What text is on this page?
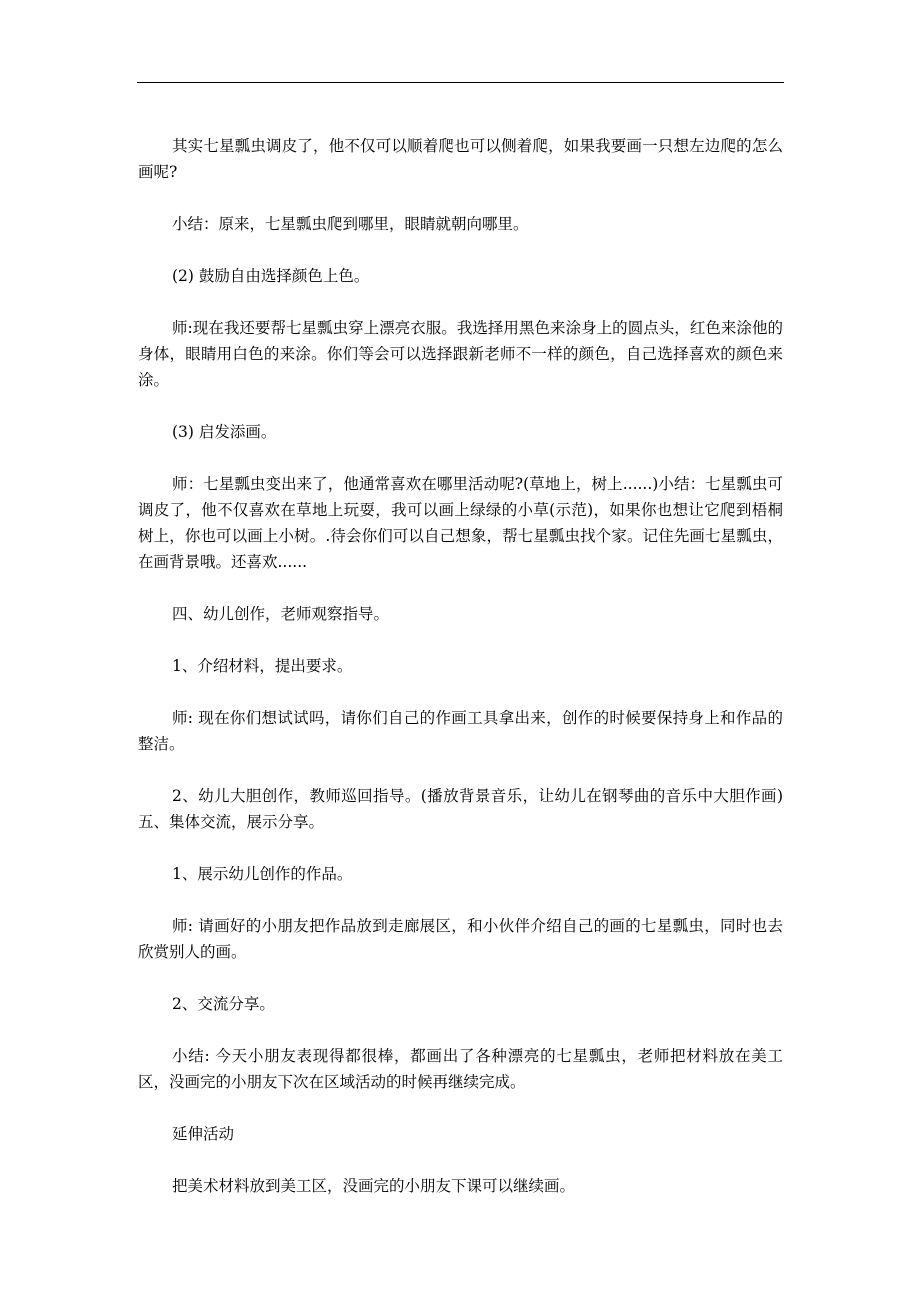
其实七星瓢虫调皮了，他不仅可以顺着爬也可以侧着爬，如果我要画一只想左边爬的怎么画呢?

小结：原来，七星瓢虫爬到哪里，眼睛就朝向哪里。

(2) 鼓励自由选择颜色上色。

师:现在我还要帮七星瓢虫穿上漂亮衣服。我选择用黑色来涂身上的圆点头，红色来涂他的身体，眼睛用白色的来涂。你们等会可以选择跟新老师不一样的颜色，自己选择喜欢的颜色来涂。

(3) 启发添画。

师：七星瓢虫变出来了，他通常喜欢在哪里活动呢?(草地上，树上......)小结：七星瓢虫可调皮了，他不仅喜欢在草地上玩耍，我可以画上绿绿的小草(示范)，如果你也想让它爬到梧桐树上，你也可以画上小树。.待会你们可以自己想象，帮七星瓢虫找个家。记住先画七星瓢虫，在画背景哦。还喜欢......

四、幼儿创作，老师观察指导。

1、介绍材料，提出要求。

师: 现在你们想试试吗，请你们自己的作画工具拿出来，创作的时候要保持身上和作品的整洁。

2、幼儿大胆创作，教师巡回指导。(播放背景音乐，让幼儿在钢琴曲的音乐中大胆作画)五、集体交流，展示分享。

1、展示幼儿创作的作品。

师: 请画好的小朋友把作品放到走廊展区，和小伙伴介绍自己的画的七星瓢虫，同时也去欣赏别人的画。

2、交流分享。

小结: 今天小朋友表现得都很棒，都画出了各种漂亮的七星瓢虫，老师把材料放在美工区，没画完的小朋友下次在区域活动的时候再继续完成。

延伸活动

把美术材料放到美工区，没画完的小朋友下课可以继续画。
